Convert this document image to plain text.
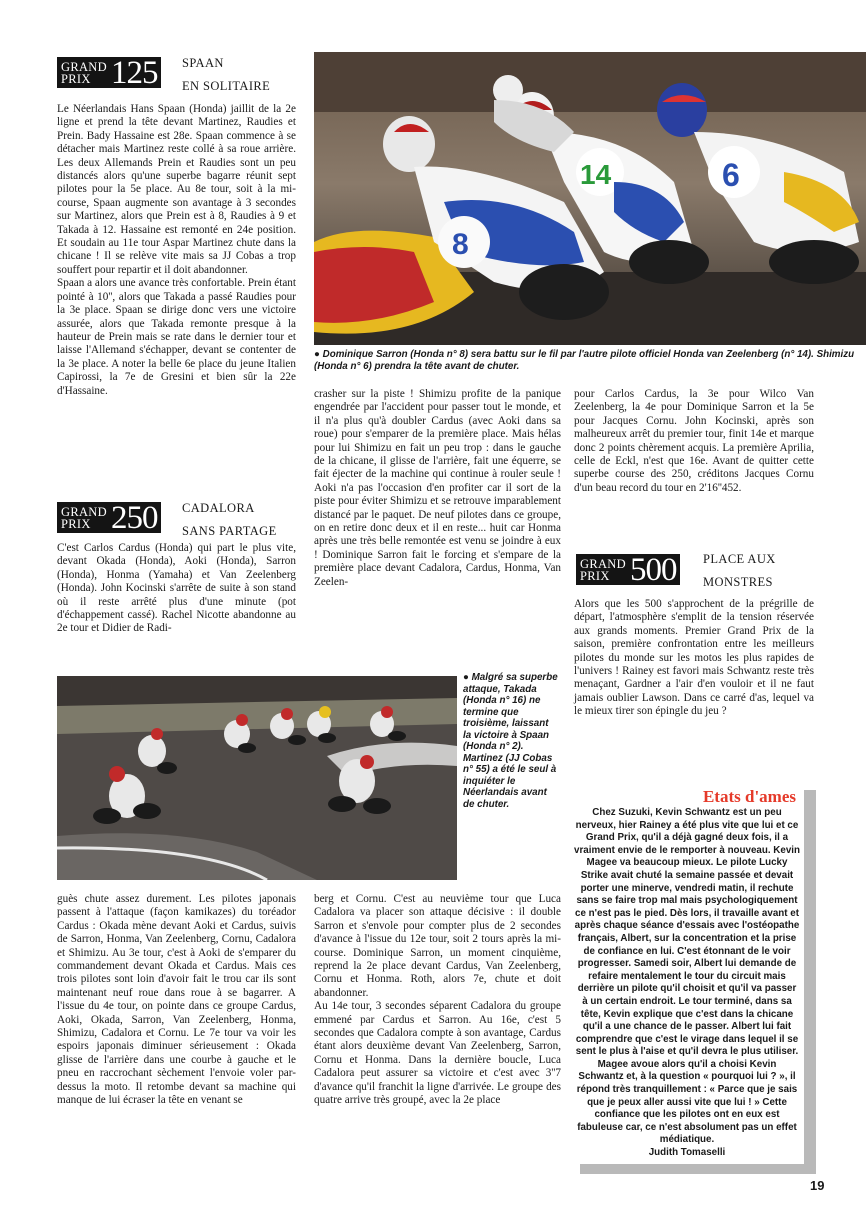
GRAND
PRIX 125	SPAAN
EN SOLITAIRE

Le Néerlandais Hans Spaan (Honda) jaillit de la 2e ligne et prend la tête devant Martinez, Raudies et Prein. Bady Hassaine est 28e. Spaan commence à se détacher mais Martinez reste collé à sa roue arrière. Les deux Allemands Prein et Raudies sont un peu distancés alors qu'une superbe bagarre réunit sept pilotes pour la 5e place. Au 8e tour, soit à la mi-course, Spaan augmente son avantage à 3 secondes sur Martinez, alors que Prein est à 8, Raudies à 9 et Takada à 12. Hassaine est remonté en 24e position. Et soudain au 11e tour Aspar Martinez chute dans la chicane ! Il se relève vite mais sa JJ Cobas a trop souffert pour repartir et il doit abandonner.

Spaan a alors une avance très confortable. Prein étant pointé à 10'', alors que Takada a passé Raudies pour la 3e place. Spaan se dirige donc vers une victoire assurée, alors que Takada remonte presque à la hauteur de Prein mais se rate dans le dernier tour et laisse l'Allemand s'échapper, devant se contenter de la 3e place. A noter la belle 6e place du jeune Italien Capirossi, la 7e de Gresini et bien sûr la 22e d'Hassaine.

GRAND
PRIX 250	CADALORA
SANS PARTAGE

C'est Carlos Cardus (Honda) qui part le plus vite, devant Okada (Honda), Aoki (Honda), Sarron (Honda), Honma (Yamaha) et Van Zeelenberg (Honda). John Kocinski s'arrête de suite à son stand où il reste arrêté plus d'une minute (pot d'échappement cassé). Rachel Nicotte abandonne au 2e tour et Didier de Radi-

8
14	6
● Dominique Sarron (Honda n° 8) sera battu sur le fil par l'autre pilote officiel Honda van Zeelenberg (n° 14). Shimizu (Honda n° 6) prendra la tête avant de chuter.

crasher sur la piste ! Shimizu profite de la panique engendrée par l'accident pour passer tout le monde, et il n'a plus qu'à doubler Cardus (avec Aoki dans sa roue) pour s'emparer de la première place. Mais hélas pour lui Shimizu en fait un peu trop : dans le gauche de la chicane, il glisse de l'arrière, fait une équerre, se fait éjecter de la machine qui continue à rouler seule ! Aoki n'a pas l'occasion d'en profiter car il sort de la piste pour éviter Shimizu et se retrouve imparablement distancé par le paquet. De neuf pilotes dans ce groupe, on en retire donc deux et il en reste... huit car Honma après une très belle remontée est venu se joindre à eux ! Dominique Sarron fait le forcing et s'empare de la première place devant Cadalora, Cardus, Honma, Van Zeelen-

pour Carlos Cardus, la 3e pour Wilco Van Zeelenberg, la 4e pour Dominique Sarron et la 5e pour Jacques Cornu. John Kocinski, après son malheureux arrêt du premier tour, finit 14e et marque donc 2 points chèrement acquis. La première Aprilia, celle de Eckl, n'est que 16e. Avant de quitter cette superbe course des 250, créditons Jacques Cornu d'un beau record du tour en 2'16''452.

GRAND
PRIX 500	PLACE AUX
MONSTRES

Alors que les 500 s'approchent de la prégrille de départ, l'atmosphère s'emplit de la tension réservée aux grands moments. Premier Grand Prix de la saison, première confrontation entre les meilleurs pilotes du monde sur les motos les plus rapides de l'univers ! Rainey est favori mais Schwantz reste très menaçant, Gardner a l'air d'en vouloir et il ne faut jamais oublier Lawson. Dans ce carré d'as, lequel va le mieux tirer son épingle du jeu ?

● Malgré sa superbe attaque, Takada (Honda n° 16) ne termine que troisième, laissant la victoire à Spaan (Honda n° 2). Martinez (JJ Cobas n° 55) a été le seul à inquiéter le Néerlandais avant de chuter.

guès chute assez durement. Les pilotes japonais passent à l'attaque (façon kamikazes) du toréador Cardus : Okada mène devant Aoki et Cardus, suivis de Sarron, Honma, Van Zeelenberg, Cornu, Cadalora et Shimizu. Au 3e tour, c'est à Aoki de s'emparer du commandement devant Okada et Cardus. Mais ces trois pilotes sont loin d'avoir fait le trou car ils sont maintenant neuf roue dans roue à se bagarrer. A l'issue du 4e tour, on pointe dans ce groupe Cardus, Aoki, Okada, Sarron, Van Zeelenberg, Honma, Shimizu, Cadalora et Cornu. Le 7e tour va voir les espoirs japonais diminuer sérieusement : Okada glisse de l'arrière dans une courbe à gauche et le pneu en raccrochant sèchement l'envoie voler par-dessus la moto. Il retombe devant sa machine qui manque de lui écraser la tête en venant se

berg et Cornu. C'est au neuvième tour que Luca Cadalora va placer son attaque décisive : il double Sarron et s'envole pour compter plus de 2 secondes d'avance à l'issue du 12e tour, soit 2 tours après la mi-course. Dominique Sarron, un moment cinquième, reprend la 2e place devant Cardus, Van Zeelenberg, Cornu et Honma. Roth, alors 7e, chute et doit abandonner.

Au 14e tour, 3 secondes séparent Cadalora du groupe emmené par Cardus et Sarron. Au 16e, c'est 5 secondes que Cadalora compte à son avantage, Cardus étant alors deuxième devant Van Zeelenberg, Sarron, Cornu et Honma. Dans la dernière boucle, Luca Cadalora peut assurer sa victoire et c'est avec 3''7 d'avance qu'il franchit la ligne d'arrivée. Le groupe des quatre arrive très groupé, avec la 2e place

Etats d'ames

Chez Suzuki, Kevin Schwantz est un peu nerveux, hier Rainey a été plus vite que lui et ce Grand Prix, qu'il a déjà gagné deux fois, il a vraiment envie de le remporter à nouveau. Kevin Magee va beaucoup mieux. Le pilote Lucky Strike avait chuté la semaine passée et devait porter une minerve, vendredi matin, il rechute sans se faire trop mal mais psychologiquement ce n'est pas le pied. Dès lors, il travaille avant et après chaque séance d'essais avec l'ostéopathe français, Albert, sur la concentration et la prise de confiance en lui. C'est étonnant de le voir progresser. Samedi soir, Albert lui demande de refaire mentalement le tour du circuit mais derrière un pilote qu'il choisit et qu'il va passer à un certain endroit. Le tour terminé, dans sa tête, Kevin explique que c'est dans la chicane qu'il a une chance de le passer. Albert lui fait comprendre que c'est le virage dans lequel il se sent le plus à l'aise et qu'il devra le plus utiliser. Magee avoue alors qu'il a choisi Kevin Schwantz et, à la question « pourquoi lui ? », il répond très tranquillement : « Parce que je sais que je peux aller aussi vite que lui ! » Cette confiance que les pilotes ont en eux est fabuleuse car, ce n'est absolument pas un effet médiatique.
Judith Tomaselli

19
